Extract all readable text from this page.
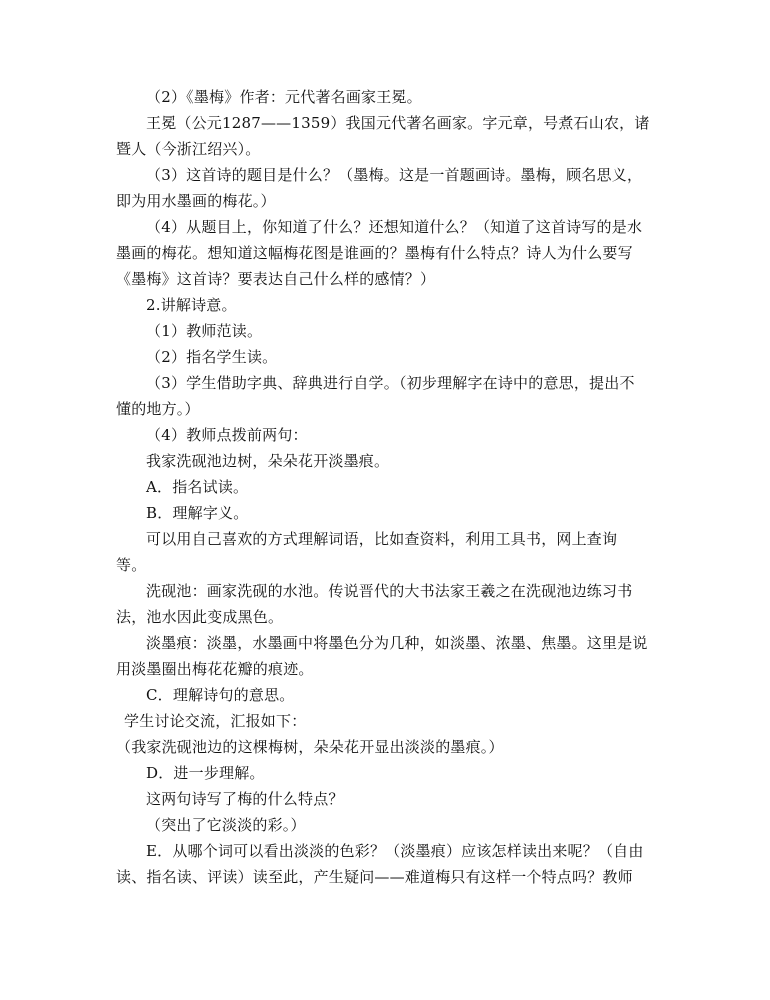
（2）《墨梅》作者：元代著名画家王冕。
王冕（公元1287——1359）我国元代著名画家。字元章，号煮石山农，诸
暨人（今浙江绍兴）。
（3）这首诗的题目是什么？（墨梅。这是一首题画诗。墨梅，顾名思义，
即为用水墨画的梅花。）
（4）从题目上，你知道了什么？还想知道什么？（知道了这首诗写的是水
墨画的梅花。想知道这幅梅花图是谁画的？墨梅有什么特点？诗人为什么要写
《墨梅》这首诗？要表达自己什么样的感情？）
2.讲解诗意。
（1）教师范读。
（2）指名学生读。
（3）学生借助字典、辞典进行自学。（初步理解字在诗中的意思，提出不
懂的地方。）
（4）教师点拨前两句：
我家洗砚池边树，朵朵花开淡墨痕。
A．指名试读。
B．理解字义。
可以用自己喜欢的方式理解词语，比如查资料，利用工具书，网上查询
等。
洗砚池：画家洗砚的水池。传说晋代的大书法家王羲之在洗砚池边练习书
法，池水因此变成黑色。
淡墨痕：淡墨，水墨画中将墨色分为几种，如淡墨、浓墨、焦墨。这里是说
用淡墨圈出梅花花瓣的痕迹。
C．理解诗句的意思。
学生讨论交流，汇报如下：
（我家洗砚池边的这棵梅树，朵朵花开显出淡淡的墨痕。）
D．进一步理解。
这两句诗写了梅的什么特点？
（突出了它淡淡的彩。）
E．从哪个词可以看出淡淡的色彩？（淡墨痕）应该怎样读出来呢？（自由
读、指名读、评读）读至此，产生疑问——难道梅只有这样一个特点吗？教师
